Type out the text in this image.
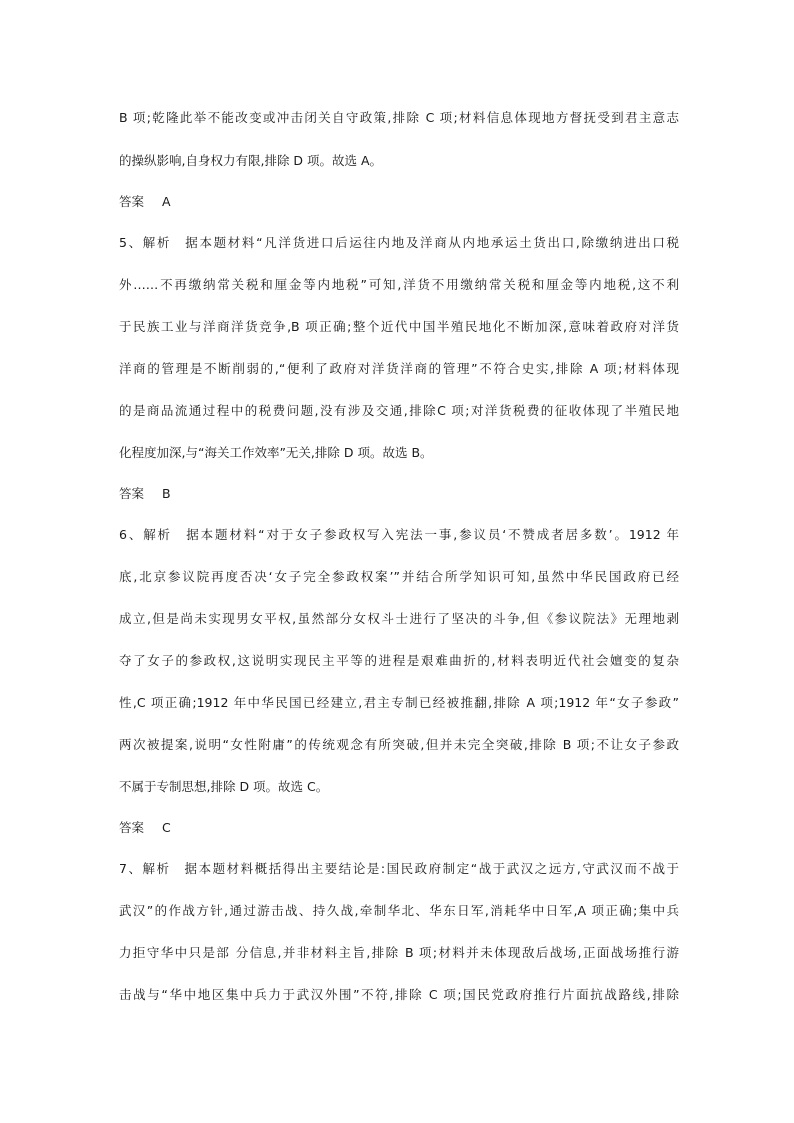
B 项;乾隆此举不能改变或冲击闭关自守政策,排除 C 项;材料信息体现地方督抚受到君主意志
的操纵影响,自身权力有限,排除 D 项。故选 A。
答案 A
5、解析　据本题材料“凡洋货进口后运往内地及洋商从内地承运土货出口,除缴纳进出口税
外……不再缴纳常关税和厘金等内地税”可知,洋货不用缴纳常关税和厘金等内地税,这不利
于民族工业与洋商洋货竞争,B 项正确;整个近代中国半殖民地化不断加深,意味着政府对洋货
洋商的管理是不断削弱的,“便利了政府对洋货洋商的管理”不符合史实,排除 A 项;材料体现
的是商品流通过程中的税费问题,没有涉及交通,排除C 项;对洋货税费的征收体现了半殖民地
化程度加深,与“海关工作效率”无关,排除 D 项。故选 B。
答案 B
6、解析　据本题材料“对于女子参政权写入宪法一事,参议员‘不赞成者居多数’。1912 年
底,北京参议院再度否决‘女子完全参政权案’”并结合所学知识可知,虽然中华民国政府已经
成立,但是尚未实现男女平权,虽然部分女权斗士进行了坚决的斗争,但《参议院法》无理地剥
夺了女子的参政权,这说明实现民主平等的进程是艰难曲折的,材料表明近代社会嬗变的复杂
性,C 项正确;1912 年中华民国已经建立,君主专制已经被推翻,排除 A 项;1912 年“女子参政”
两次被提案,说明“女性附庸”的传统观念有所突破,但并未完全突破,排除 B 项;不让女子参政
不属于专制思想,排除 D 项。故选 C。
答案 C
7、解析　据本题材料概括得出主要结论是:国民政府制定“战于武汉之远方,守武汉而不战于
武汉”的作战方针,通过游击战、持久战,牵制华北、华东日军,消耗华中日军,A 项正确;集中兵
力拒守华中只是部 分信息,并非材料主旨,排除 B 项;材料并未体现敌后战场,正面战场推行游
击战与“华中地区集中兵力于武汉外围”不符,排除 C 项;国民党政府推行片面抗战路线,排除
